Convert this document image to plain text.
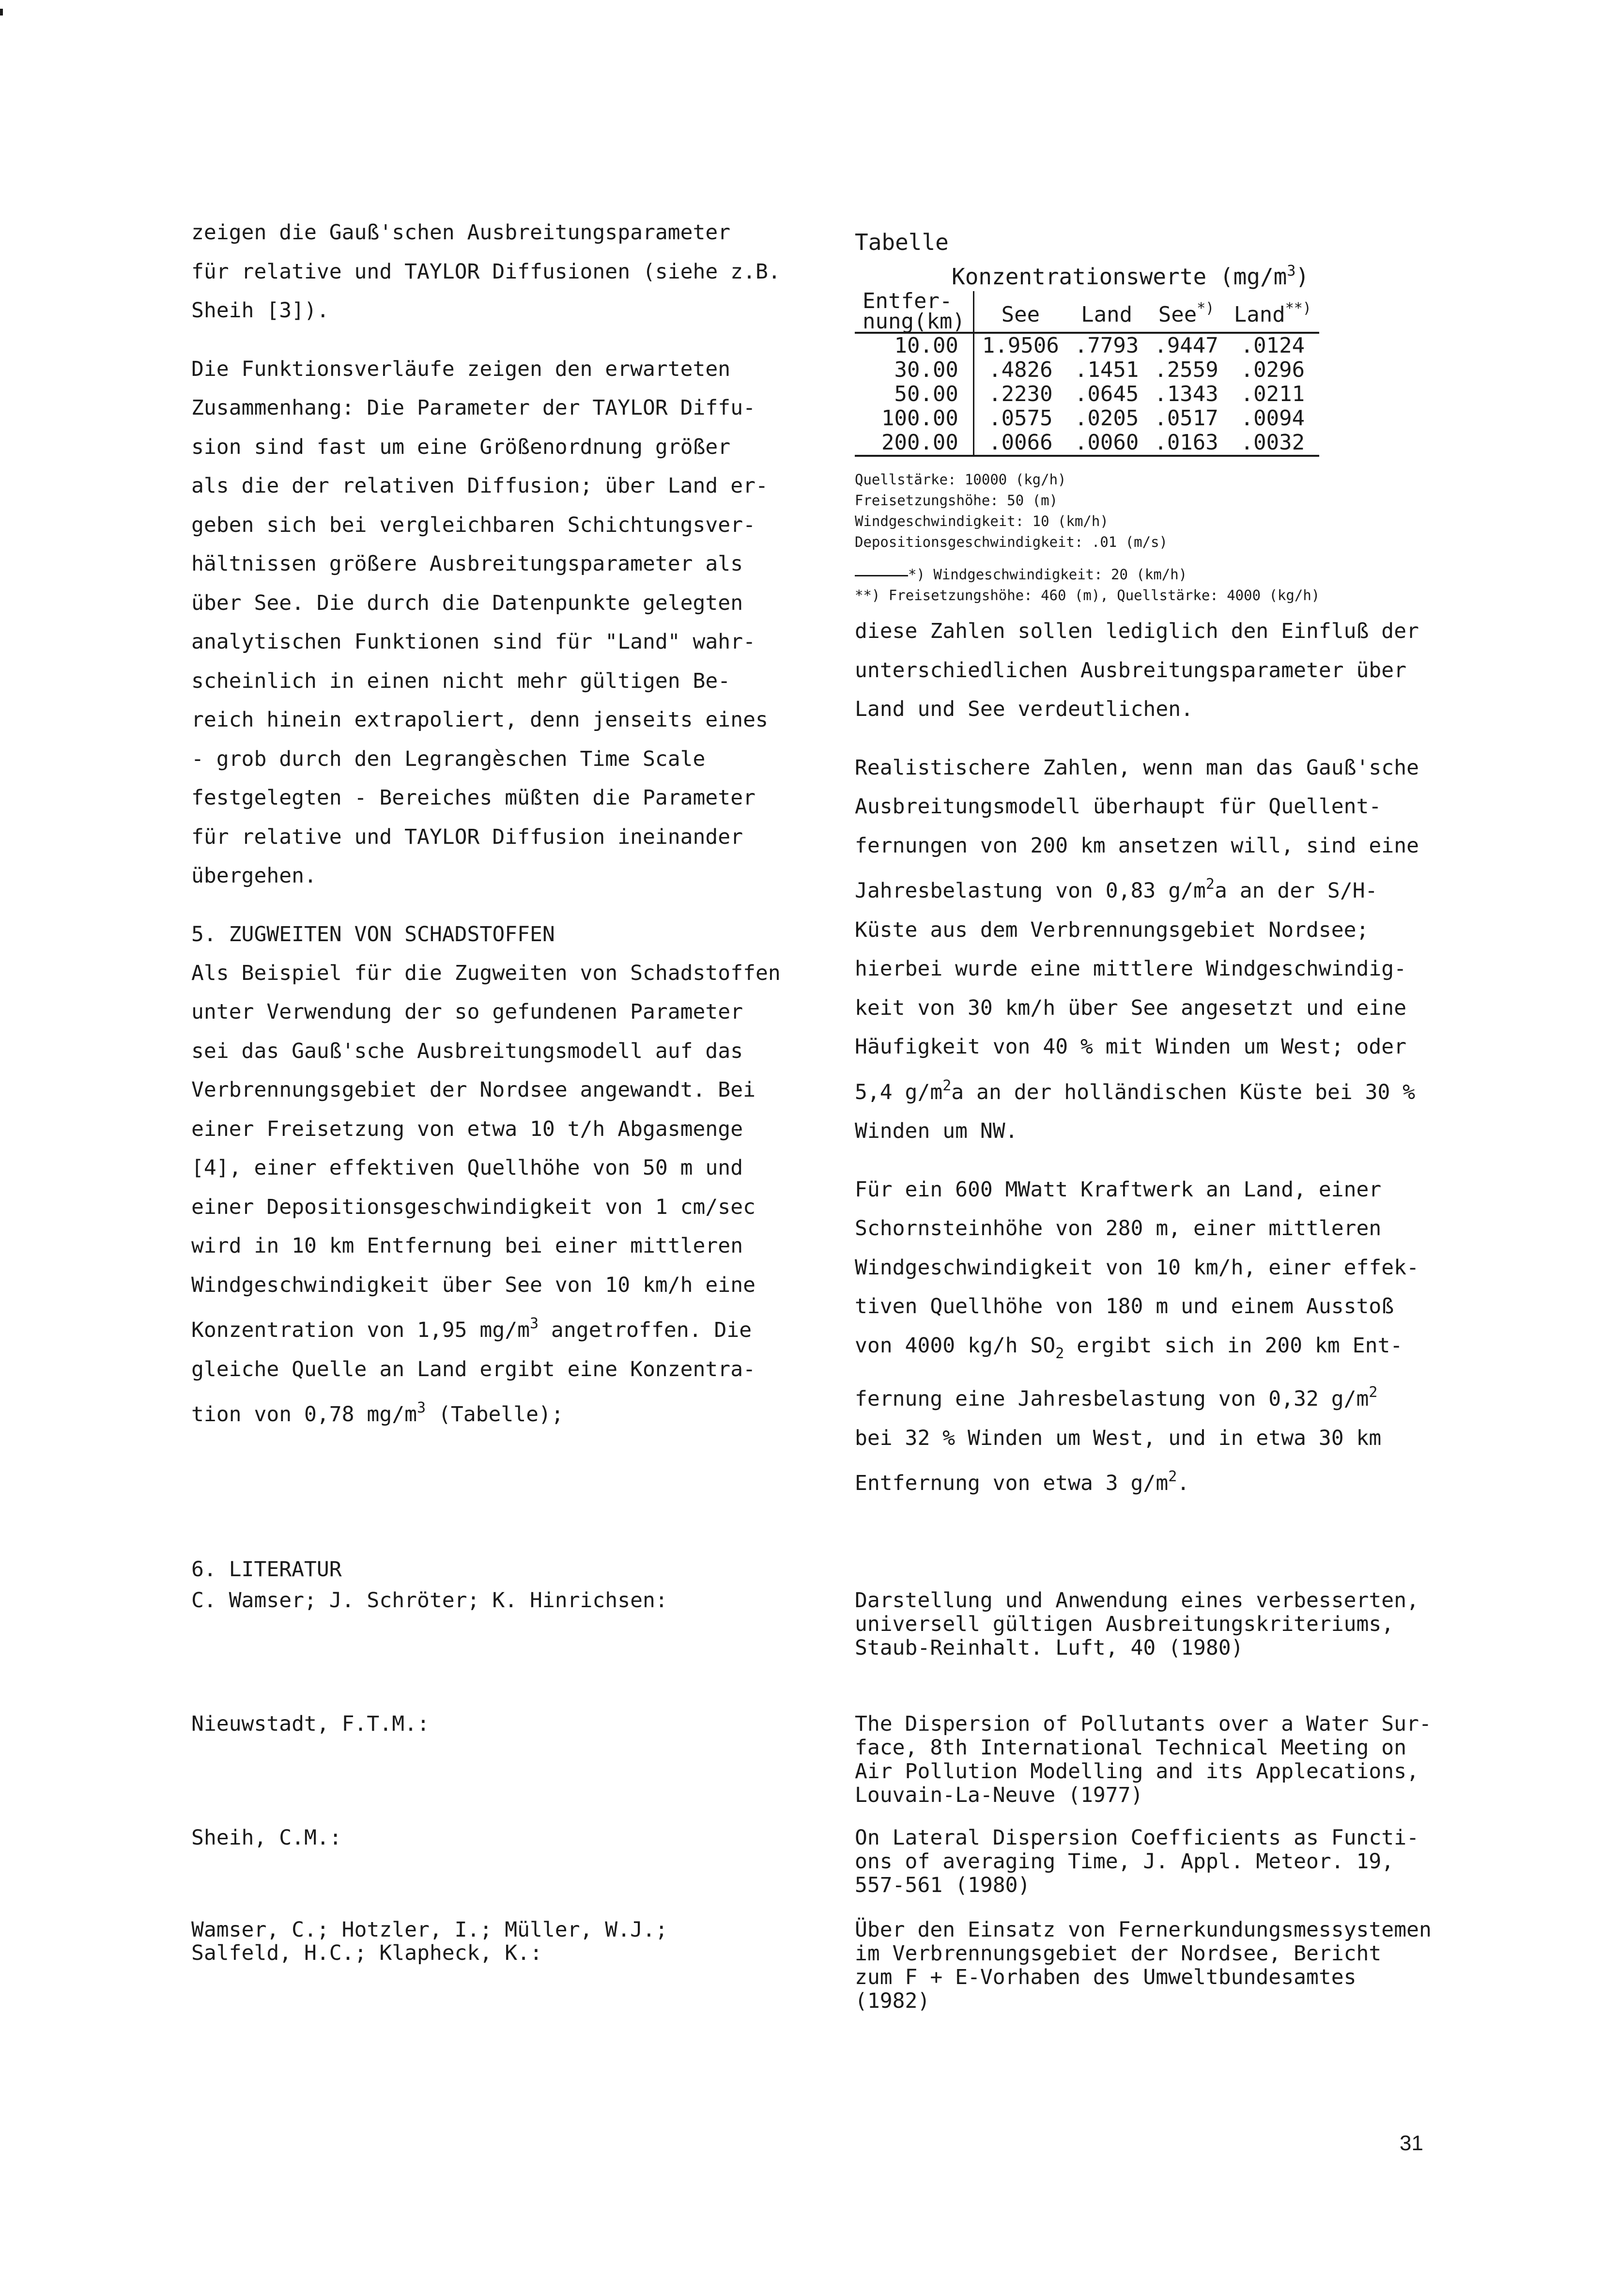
zeigen die Gauß'schen Ausbreitungsparameter
für relative und TAYLOR Diffusionen (siehe z.B.
Sheih [3]).
Die Funktionsverläufe zeigen den erwarteten
Zusammenhang: Die Parameter der TAYLOR Diffu-
sion sind fast um eine Größenordnung größer
als die der relativen Diffusion; über Land er-
geben sich bei vergleichbaren Schichtungsver-
hältnissen größere Ausbreitungsparameter als
über See. Die durch die Datenpunkte gelegten
analytischen Funktionen sind für "Land" wahr-
scheinlich in einen nicht mehr gültigen Be-
reich hinein extrapoliert, denn jenseits eines
- grob durch den Legrangèschen Time Scale
festgelegten - Bereiches müßten die Parameter
für relative und TAYLOR Diffusion ineinander
übergehen.
5. ZUGWEITEN VON SCHADSTOFFEN
Als Beispiel für die Zugweiten von Schadstoffen
unter Verwendung der so gefundenen Parameter
sei das Gauß'sche Ausbreitungsmodell auf das
Verbrennungsgebiet der Nordsee angewandt. Bei
einer Freisetzung von etwa 10 t/h Abgasmenge
[4], einer effektiven Quellhöhe von 50 m und
einer Depositionsgeschwindigkeit von 1 cm/sec
wird in 10 km Entfernung bei einer mittleren
Windgeschwindigkeit über See von 10 km/h eine
Konzentration von 1,95 $mg/m^3$ angetroffen. Die
gleiche Quelle an Land ergibt eine Konzentra-
tion von 0,78 $mg/m^3$ (Tabelle);
Tabelle
Konzentrationswerte $(mg/m^3)$
Entfer-
nung(km)	See	Land	See*)	Land**)
10.00	1.9506	.7793	.9447	.0124
30.00	.4826	.1451	.2559	.0296
50.00	.2230	.0645	.1343	.0211
100.00	.0575	.0205	.0517	.0094
200.00	.0066	.0060	.0163	.0032
Quellstärke: 10000 (kg/h)
Freisetzungshöhe: 50 (m)
Windgeschwindigkeit: 10 (km/h)
Depositionsgeschwindigkeit: .01 (m/s)
*) Windgeschwindigkeit: 20 (km/h)
**) Freisetzungshöhe: 460 (m), Quellstärke: 4000 (kg/h)
diese Zahlen sollen lediglich den Einfluß der
unterschiedlichen Ausbreitungsparameter über
Land und See verdeutlichen.
Realistischere Zahlen, wenn man das Gauß'sche
Ausbreitungsmodell überhaupt für Quellent-
fernungen von 200 km ansetzen will, sind eine
Jahresbelastung von 0,83 $g/m^2a$ an der S/H-
Küste aus dem Verbrennungsgebiet Nordsee;
hierbei wurde eine mittlere Windgeschwindig-
keit von 30 km/h über See angesetzt und eine
Häufigkeit von 40 % mit Winden um West; oder
5,4 $g/m^2a$ an der holländischen Küste bei 30 %
Winden um NW.
Für ein 600 MWatt Kraftwerk an Land, einer
Schornsteinhöhe von 280 m, einer mittleren
Windgeschwindigkeit von 10 km/h, einer effek-
tiven Quellhöhe von 180 m und einem Ausstoß
von 4000 kg/h $SO_2$ ergibt sich in 200 km Ent-
fernung eine Jahresbelastung von 0,32 $g/m^2$
bei 32 % Winden um West, und in etwa 30 km
Entfernung von etwa 3 $g/m^2$.
6. LITERATUR
C. Wamser; J. Schröter; K. Hinrichsen:	Darstellung und Anwendung eines verbesserten,
universell gültigen Ausbreitungskriteriums,
Staub-Reinhalt. Luft, 40 (1980)
Nieuwstadt, F.T.M.:	The Dispersion of Pollutants over a Water Sur-
face, 8th International Technical Meeting on
Air Pollution Modelling and its Applecations,
Louvain-La-Neuve (1977)
Sheih, C.M.:	On Lateral Dispersion Coefficients as Functi-
ons of averaging Time, J. Appl. Meteor. 19,
557-561 (1980)
Wamser, C.; Hotzler, I.; Müller, W.J.;
Salfeld, H.C.; Klapheck, K.:
Über den Einsatz von Fernerkundungsmessystemen
im Verbrennungsgebiet der Nordsee, Bericht
zum F + E-Vorhaben des Umweltbundesamtes
(1982)
31
